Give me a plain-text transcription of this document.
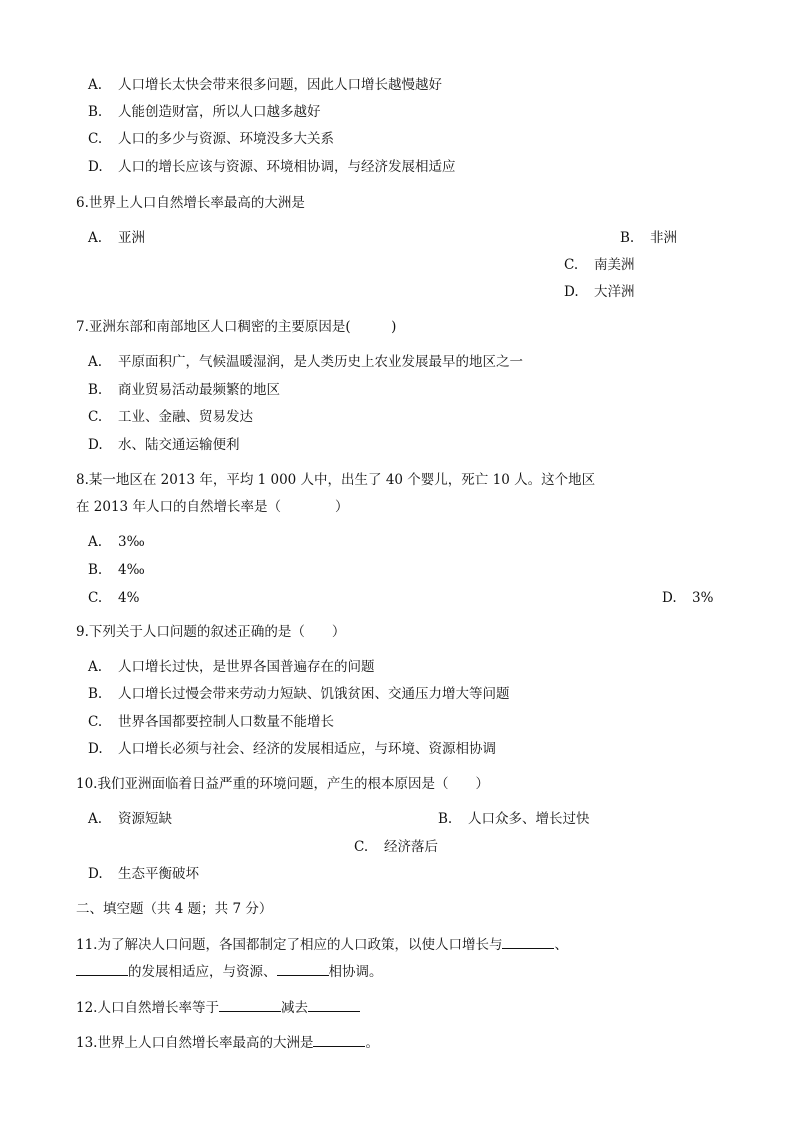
A. 人口增长太快会带来很多问题，因此人口增长越慢越好
B. 人能创造财富，所以人口越多越好
C. 人口的多少与资源、环境没多大关系
D. 人口的增长应该与资源、环境相协调，与经济发展相适应
6.世界上人口自然增长率最高的大洲是
A. 亚洲	B. 非洲
C. 南美洲
D. 大洋洲
7.亚洲东部和南部地区人口稠密的主要原因是(　　　)
A. 平原面积广，气候温暖湿润，是人类历史上农业发展最早的地区之一
B. 商业贸易活动最频繁的地区
C. 工业、金融、贸易发达
D. 水、陆交通运输便利
8.某一地区在 2013 年，平均 1 000 人中，出生了 40 个婴儿，死亡 10 人。这个地区
在 2013 年人口的自然增长率是（　　　　）
A. 3‰
B. 4‰
C. 4%	D. 3%
9.下列关于人口问题的叙述正确的是（　　）
A. 人口增长过快，是世界各国普遍存在的问题
B. 人口增长过慢会带来劳动力短缺、饥饿贫困、交通压力增大等问题
C. 世界各国都要控制人口数量不能增长
D. 人口增长必须与社会、经济的发展相适应，与环境、资源相协调
10.我们亚洲面临着日益严重的环境问题，产生的根本原因是（　　）
A. 资源短缺	B. 人口众多、增长过快
C. 经济落后
D. 生态平衡破坏
二、填空题（共 4 题；共 7 分）
11.为了解决人口问题，各国都制定了相应的人口政策，以使人口增长与	、
的发展相适应，与资源、	相协调。
12.人口自然增长率等于	减去
13.世界上人口自然增长率最高的大洲是	。
